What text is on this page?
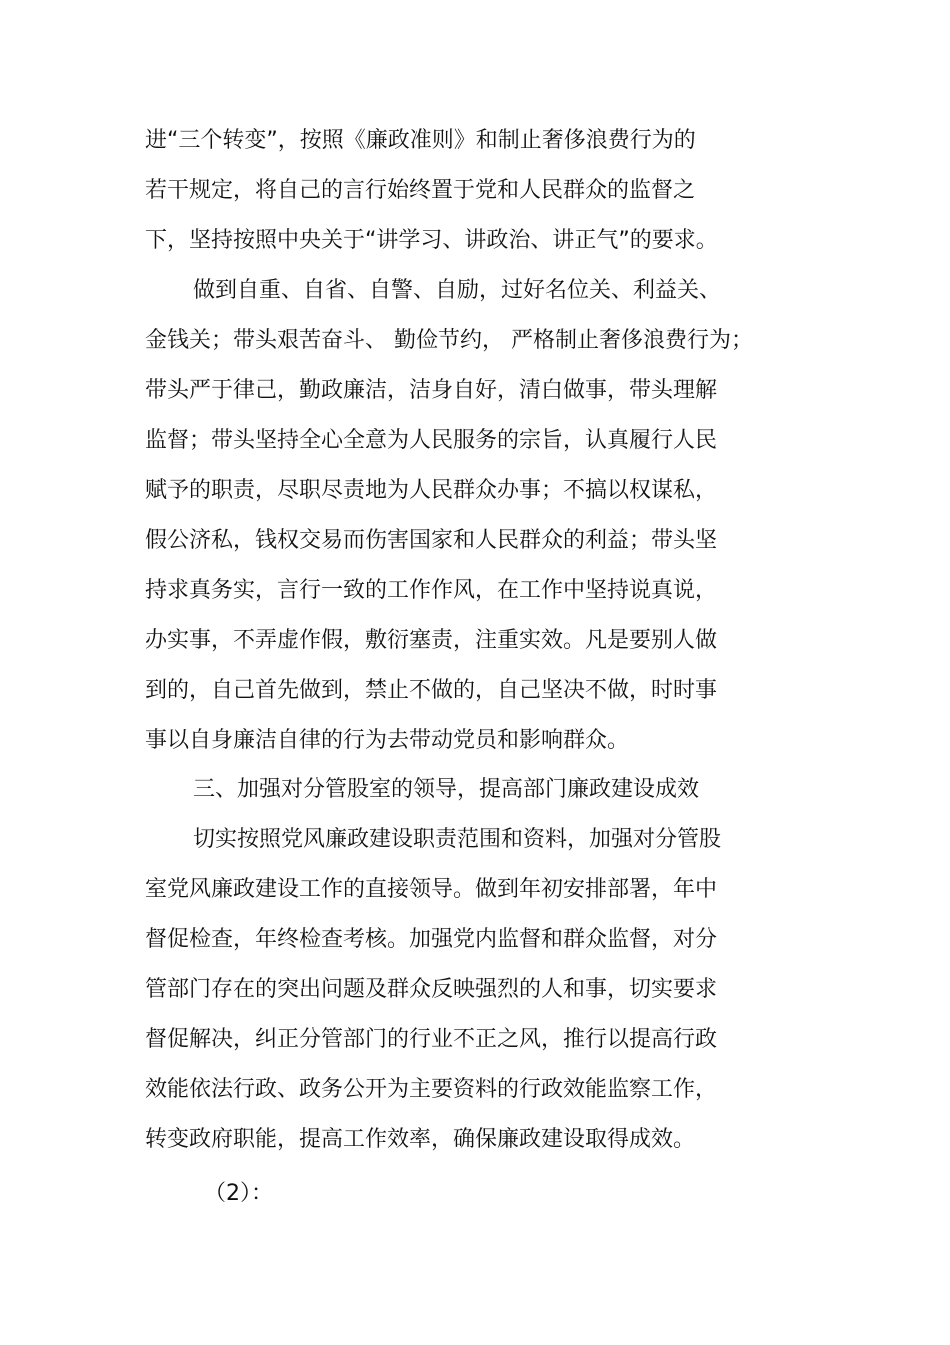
进“三个转变”，按照《廉政准则》和制止奢侈浪费行为的

若干规定，将自己的言行始终置于党和人民群众的监督之

下，坚持按照中央关于“讲学习、讲政治、讲正气”的要求。

做到自重、自省、自警、自励，过好名位关、利益关、

金钱关；带头艰苦奋斗、 勤俭节约， 严格制止奢侈浪费行为；

带头严于律己，勤政廉洁，洁身自好，清白做事，带头理解

监督；带头坚持全心全意为人民服务的宗旨，认真履行人民

赋予的职责，尽职尽责地为人民群众办事；不搞以权谋私，

假公济私，钱权交易而伤害国家和人民群众的利益；带头坚

持求真务实，言行一致的工作作风，在工作中坚持说真说，

办实事，不弄虚作假，敷衍塞责，注重实效。凡是要别人做

到的，自己首先做到，禁止不做的，自己坚决不做，时时事

事以自身廉洁自律的行为去带动党员和影响群众。

三、加强对分管股室的领导，提高部门廉政建设成效

切实按照党风廉政建设职责范围和资料，加强对分管股

室党风廉政建设工作的直接领导。做到年初安排部署，年中

督促检查，年终检查考核。加强党内监督和群众监督，对分

管部门存在的突出问题及群众反映强烈的人和事，切实要求

督促解决，纠正分管部门的行业不正之风，推行以提高行政

效能依法行政、政务公开为主要资料的行政效能监察工作，

转变政府职能，提高工作效率，确保廉政建设取得成效。

（2）：
